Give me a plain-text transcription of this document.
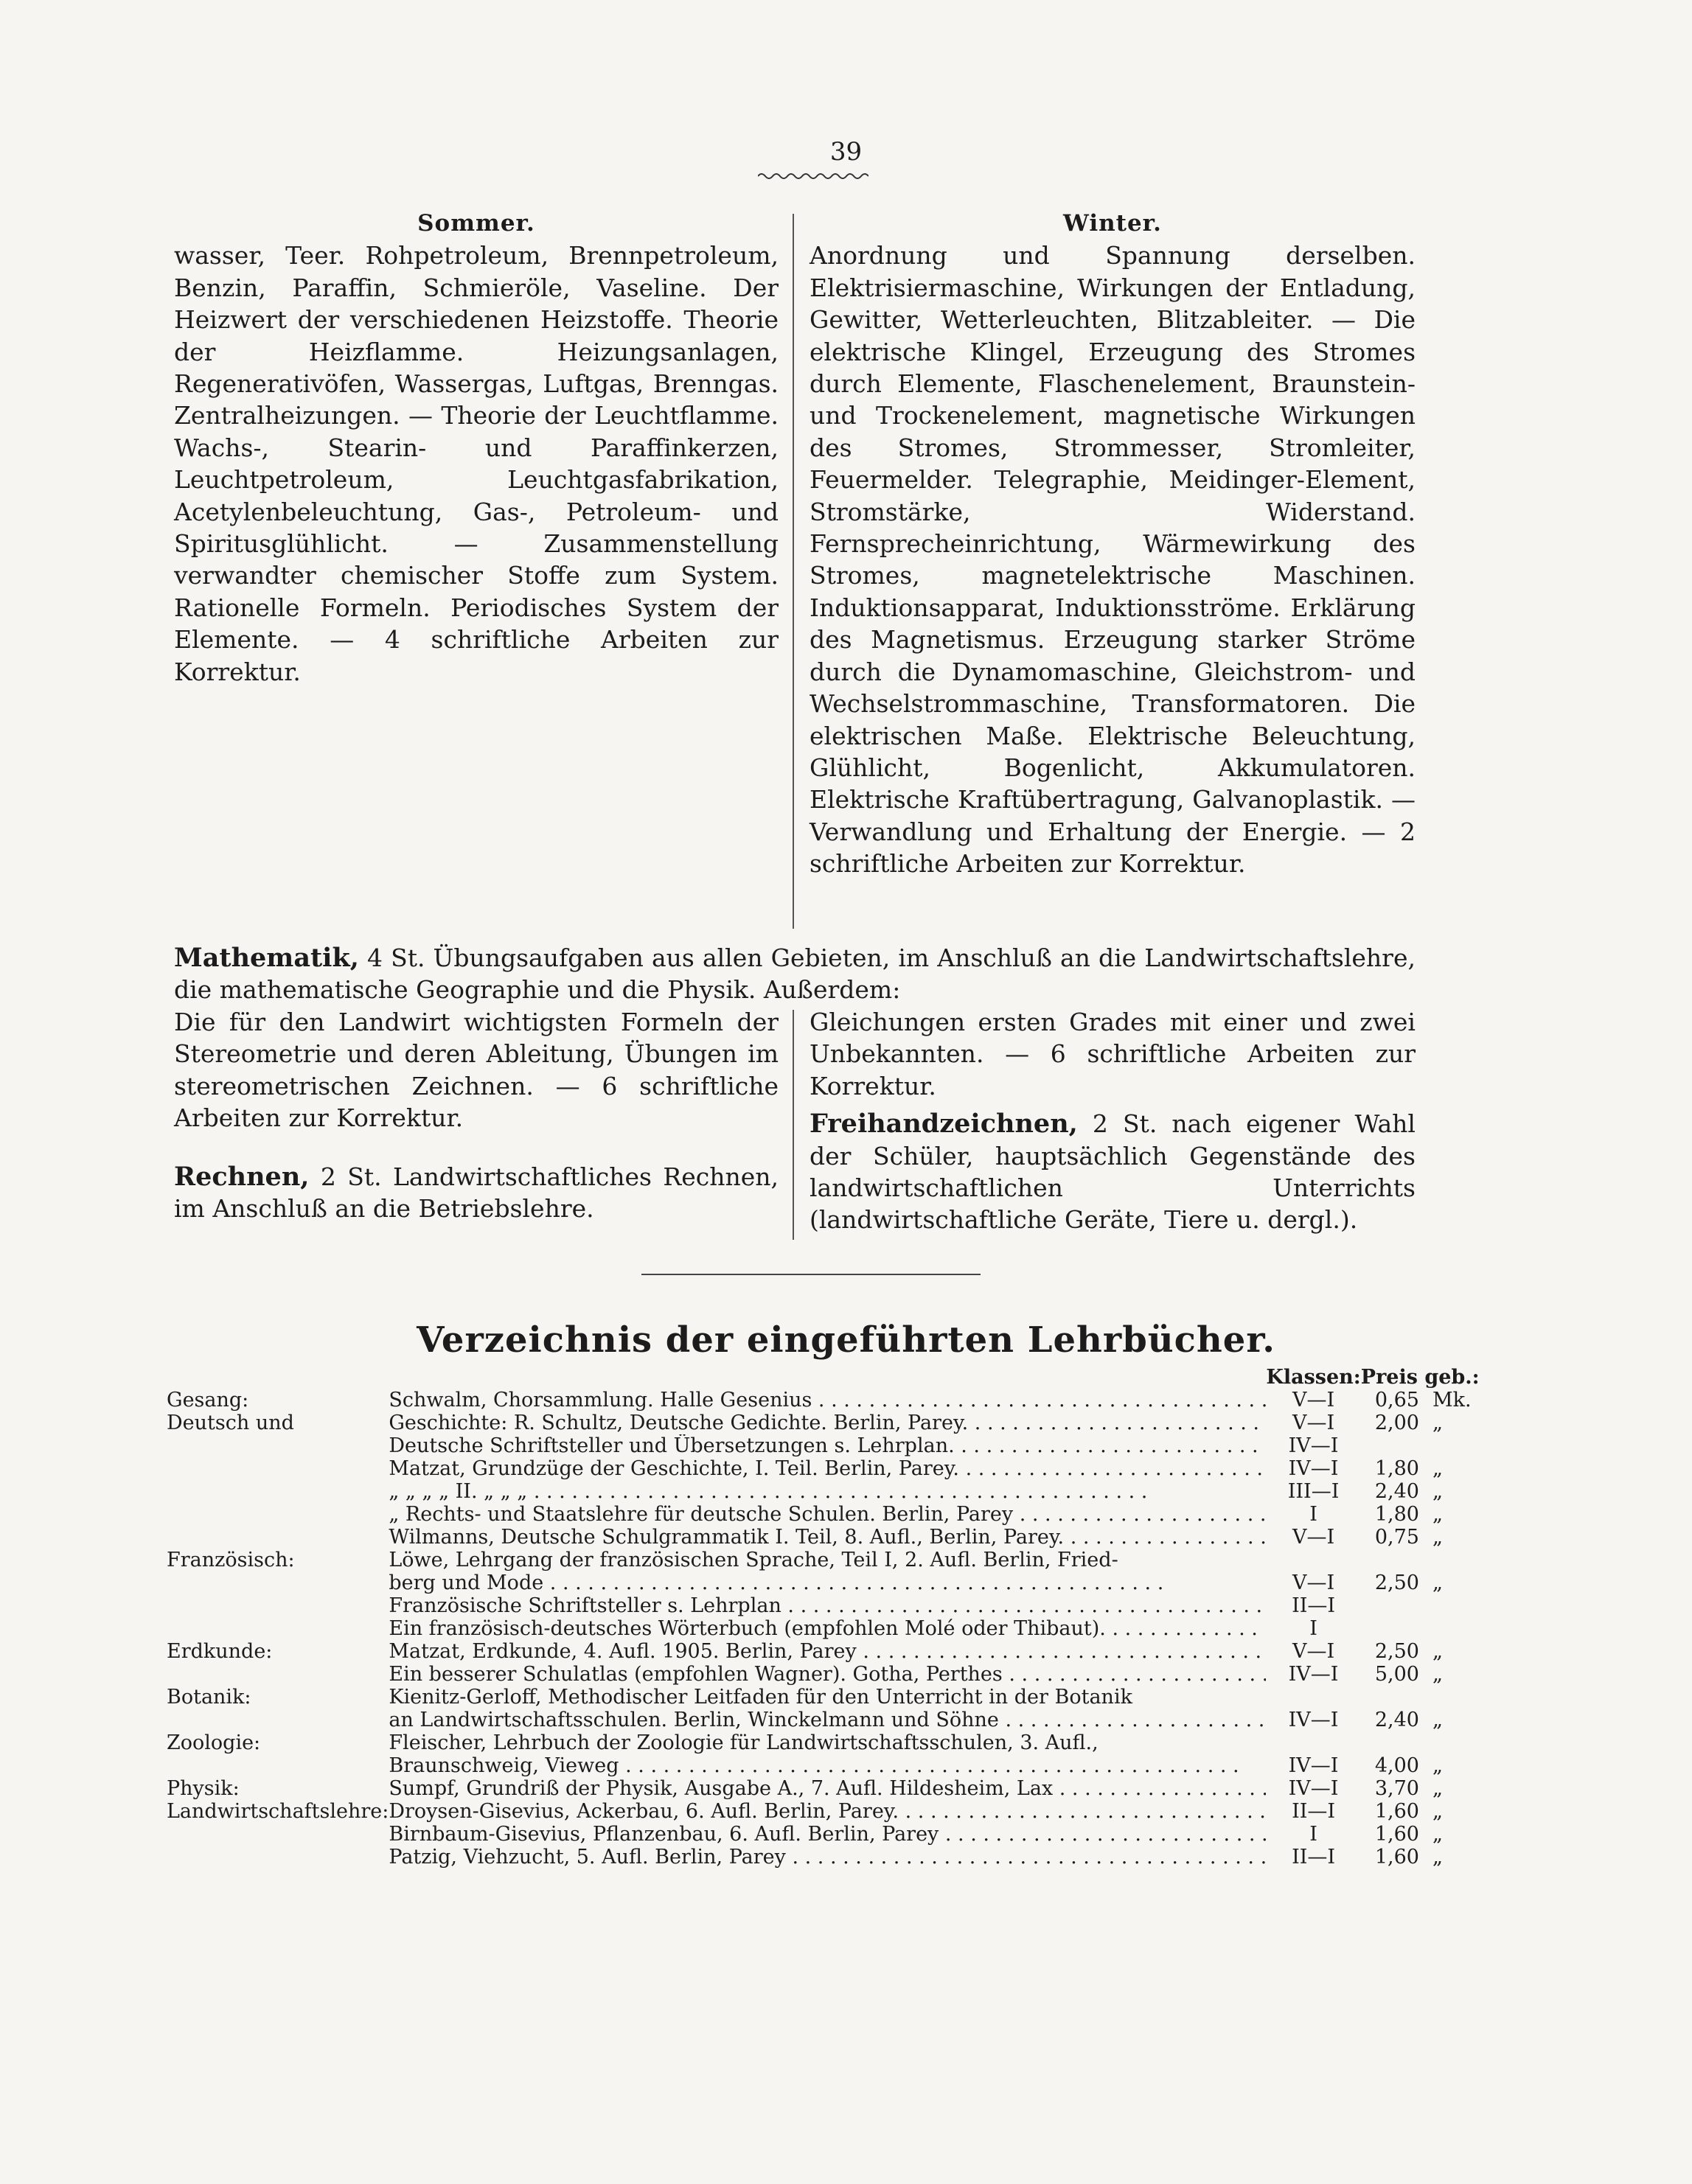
39
Sommer.
wasser, Teer. Rohpetroleum, Brennpetroleum, Benzin, Paraffin, Schmieröle, Vaseline. Der Heizwert der verschiedenen Heizstoffe. Theorie der Heizflamme. Heizungsanlagen, Regenerativöfen, Wassergas, Luftgas, Brenngas. Zentralheizungen. — Theorie der Leuchtflamme. Wachs-, Stearin- und Paraffinkerzen, Leuchtpetroleum, Leuchtgasfabrikation, Acetylenbeleuchtung, Gas-, Petroleum- und Spiritusglühlicht. — Zusammenstellung verwandter chemischer Stoffe zum System. Rationelle Formeln. Periodisches System der Elemente. — 4 schriftliche Arbeiten zur Korrektur.
Winter.
Anordnung und Spannung derselben. Elektrisiermaschine, Wirkungen der Entladung, Gewitter, Wetterleuchten, Blitzableiter. — Die elektrische Klingel, Erzeugung des Stromes durch Elemente, Flaschenelement, Braunstein- und Trockenelement, magnetische Wirkungen des Stromes, Strommesser, Stromleiter, Feuermelder. Telegraphie, Meidinger-Element, Stromstärke, Widerstand. Fernsprecheinrichtung, Wärmewirkung des Stromes, magnetelektrische Maschinen. Induktionsapparat, Induktionsströme. Erklärung des Magnetismus. Erzeugung starker Ströme durch die Dynamomaschine, Gleichstrom- und Wechselstrommaschine, Transformatoren. Die elektrischen Maße. Elektrische Beleuchtung, Glühlicht, Bogenlicht, Akkumulatoren. Elektrische Kraftübertragung, Galvanoplastik. — Verwandlung und Erhaltung der Energie. — 2 schriftliche Arbeiten zur Korrektur.
Mathematik, 4 St. Übungsaufgaben aus allen Gebieten, im Anschluß an die Landwirtschaftslehre, die mathematische Geographie und die Physik. Außerdem:
Die für den Landwirt wichtigsten Formeln der Stereometrie und deren Ableitung, Übungen im stereometrischen Zeichnen. — 6 schriftliche Arbeiten zur Korrektur.
Rechnen, 2 St. Landwirtschaftliches Rechnen, im Anschluß an die Betriebslehre.
Gleichungen ersten Grades mit einer und zwei Unbekannten. — 6 schriftliche Arbeiten zur Korrektur.
Freihandzeichnen, 2 St. nach eigener Wahl der Schüler, hauptsächlich Gegenstände des landwirtschaftlichen Unterrichts (landwirtschaftliche Geräte, Tiere u. dergl.).
Verzeichnis der eingeführten Lehrbücher.
		Klassen:	Preis geb.:	
Gesang:	Schwalm, Chorsammlung. Halle Gesenius . . .	V—I	0,65	Mk.
Deutsch und	Geschichte: R. Schultz, Deutsche Gedichte. Berlin, Parey. . . .	V—I	2,00	„

	Deutsche Schriftsteller und Übersetzungen s. Lehrplan. . . .	IV—I		

	Matzat, Grundzüge der Geschichte, I. Teil. Berlin, Parey. . . .	IV—I	1,80	„

	„ „ „ „ II. „ „ „ . . .	III—I	2,40	„

	„ Rechts- und Staatslehre für deutsche Schulen. Berlin, Parey . . .	I	1,80	„

	Wilmanns, Deutsche Schulgrammatik I. Teil, 8. Aufl., Berlin, Parey. . . .	V—I	0,75	„
Französisch:	Löwe, Lehrgang der französischen Sprache, Teil I, 2. Aufl. Berlin, Fried-			

	berg und Mode . . .	V—I	2,50	„

	Französische Schriftsteller s. Lehrplan . . .	II—I		

	Ein französisch-deutsches Wörterbuch (empfohlen Molé oder Thibaut). . . .	I		
Erdkunde:	Matzat, Erdkunde, 4. Aufl. 1905. Berlin, Parey . . .	V—I	2,50	„

	Ein besserer Schulatlas (empfohlen Wagner). Gotha, Perthes . . .	IV—I	5,00	„
Botanik:	Kienitz-Gerloff, Methodischer Leitfaden für den Unterricht in der Botanik			

	an Landwirtschaftsschulen. Berlin, Winckelmann und Söhne . . .	IV—I	2,40	„
Zoologie:	Fleischer, Lehrbuch der Zoologie für Landwirtschaftsschulen, 3. Aufl.,			

	Braunschweig, Vieweg . . .	IV—I	4,00	„
Physik:	Sumpf, Grundriß der Physik, Ausgabe A., 7. Aufl. Hildesheim, Lax . . .	IV—I	3,70	„
Landwirtschaftslehre:	Droysen-Gisevius, Ackerbau, 6. Aufl. Berlin, Parey. . . .	II—I	1,60	„

	Birnbaum-Gisevius, Pflanzenbau, 6. Aufl. Berlin, Parey . . .	I	1,60	„

	Patzig, Viehzucht, 5. Aufl. Berlin, Parey . . .	II—I	1,60	„
